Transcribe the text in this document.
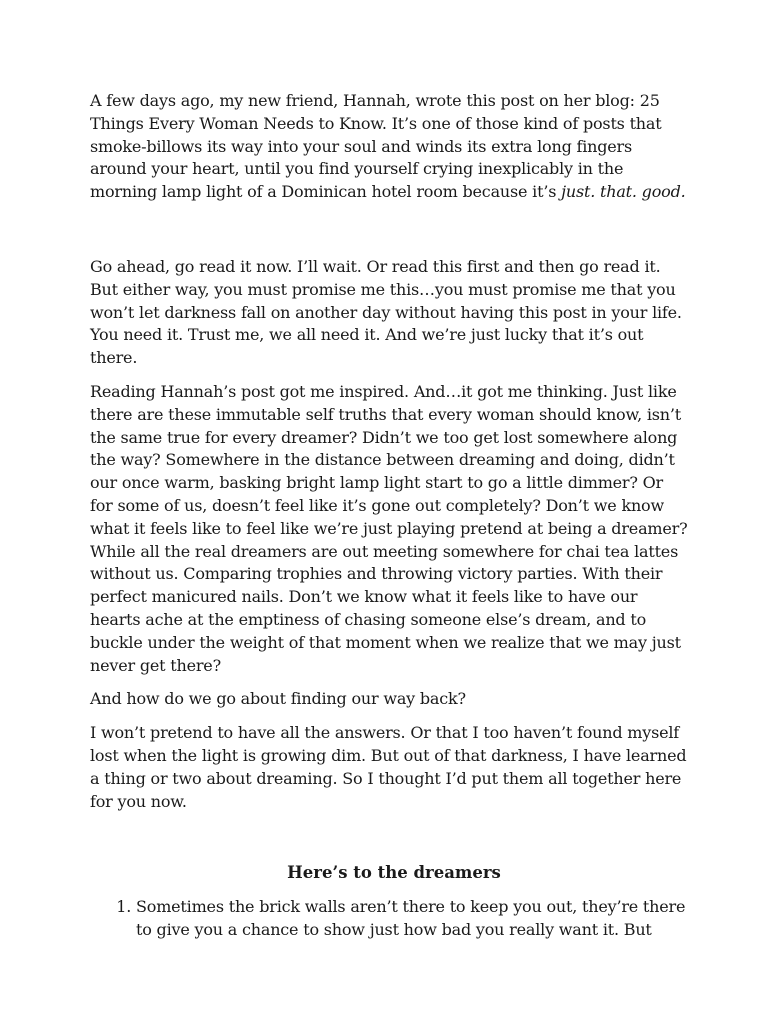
A few days ago, my new friend, Hannah, wrote this post on her blog: 25 Things Every Woman Needs to Know. It’s one of those kind of posts that smoke-billows its way into your soul and winds its extra long fingers around your heart, until you find yourself crying inexplicably in the morning lamp light of a Dominican hotel room because it’s just. that. good.

Go ahead, go read it now. I’ll wait. Or read this first and then go read it. But either way, you must promise me this…you must promise me that you won’t let darkness fall on another day without having this post in your life. You need it. Trust me, we all need it. And we’re just lucky that it’s out there.

Reading Hannah’s post got me inspired. And…it got me thinking. Just like there are these immutable self truths that every woman should know, isn’t the same true for every dreamer? Didn’t we too get lost somewhere along the way? Somewhere in the distance between dreaming and doing, didn’t our once warm, basking bright lamp light start to go a little dimmer? Or for some of us, doesn’t feel like it’s gone out completely? Don’t we know what it feels like to feel like we’re just playing pretend at being a dreamer? While all the real dreamers are out meeting somewhere for chai tea lattes without us. Comparing trophies and throwing victory parties. With their perfect manicured nails. Don’t we know what it feels like to have our hearts ache at the emptiness of chasing someone else’s dream, and to buckle under the weight of that moment when we realize that we may just never get there?

And how do we go about finding our way back?

I won’t pretend to have all the answers. Or that I too haven’t found myself lost when the light is growing dim. But out of that darkness, I have learned a thing or two about dreaming. So I thought I’d put them all together here for you now.

Here’s to the dreamers
1. Sometimes the brick walls aren’t there to keep you out, they’re there to give you a chance to show just how bad you really want it. But
